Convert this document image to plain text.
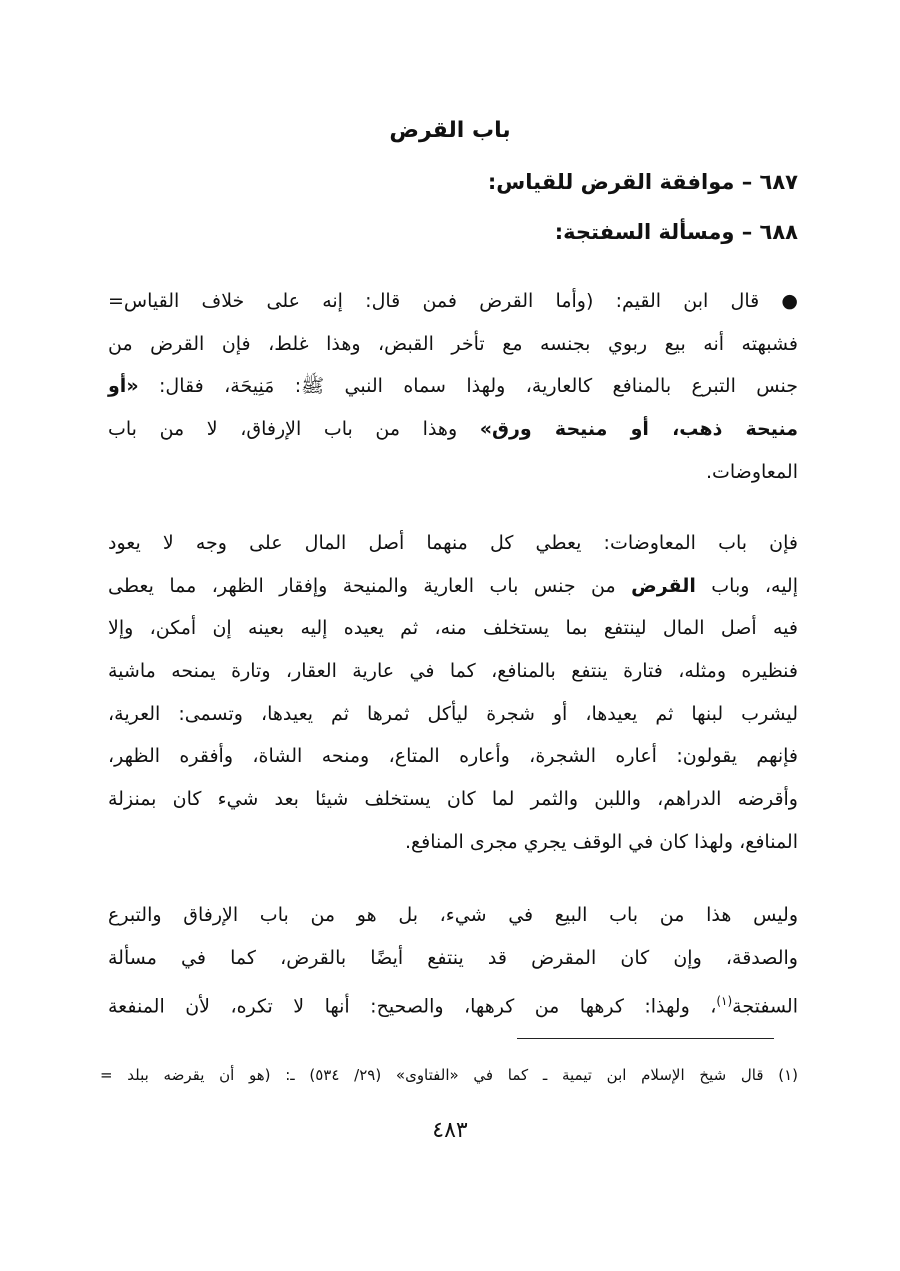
باب القرض
٦٨٧ – موافقة القرض للقياس:
٦٨٨ – ومسألة السفتجة:
● قال ابن القيم: (وأما القرض فمن قال: إنه على خلاف القياس=
فشبهته أنه بيع ربوي بجنسه مع تأخر القبض، وهذا غلط، فإن القرض من
جنس التبرع بالمنافع كالعارية، ولهذا سماه النبي ﷺ: مَنِيحَة، فقال: «أو
منيحة ذهب، أو منيحة ورق» وهذا من باب الإرفاق، لا من باب
المعاوضات.
فإن باب المعاوضات: يعطي كل منهما أصل المال على وجه لا يعود
إليه، وباب القرض من جنس باب العارية والمنيحة وإفقار الظهر، مما يعطى
فيه أصل المال لينتفع بما يستخلف منه، ثم يعيده إليه بعينه إن أمكن، وإلا
فنظيره ومثله، فتارة ينتفع بالمنافع، كما في عارية العقار، وتارة يمنحه ماشية
ليشرب لبنها ثم يعيدها، أو شجرة ليأكل ثمرها ثم يعيدها، وتسمى: العرية،
فإنهم يقولون: أعاره الشجرة، وأعاره المتاع، ومنحه الشاة، وأفقره الظهر،
وأقرضه الدراهم، واللبن والثمر لما كان يستخلف شيئا بعد شيء كان بمنزلة
المنافع، ولهذا كان في الوقف يجري مجرى المنافع.
وليس هذا من باب البيع في شيء، بل هو من باب الإرفاق والتبرع
والصدقة، وإن كان المقرض قد ينتفع أيضًا بالقرض، كما في مسألة
السفتجة$^{(١)}$، ولهذا: كرهها من كرهها، والصحيح: أنها لا تكره، لأن المنفعة
(١) قال شيخ الإسلام ابن تيمية ـ كما في «الفتاوى» (٢٩/ ٥٣٤) ـ: (هو أن يقرضه ببلد =
٤٨٣
